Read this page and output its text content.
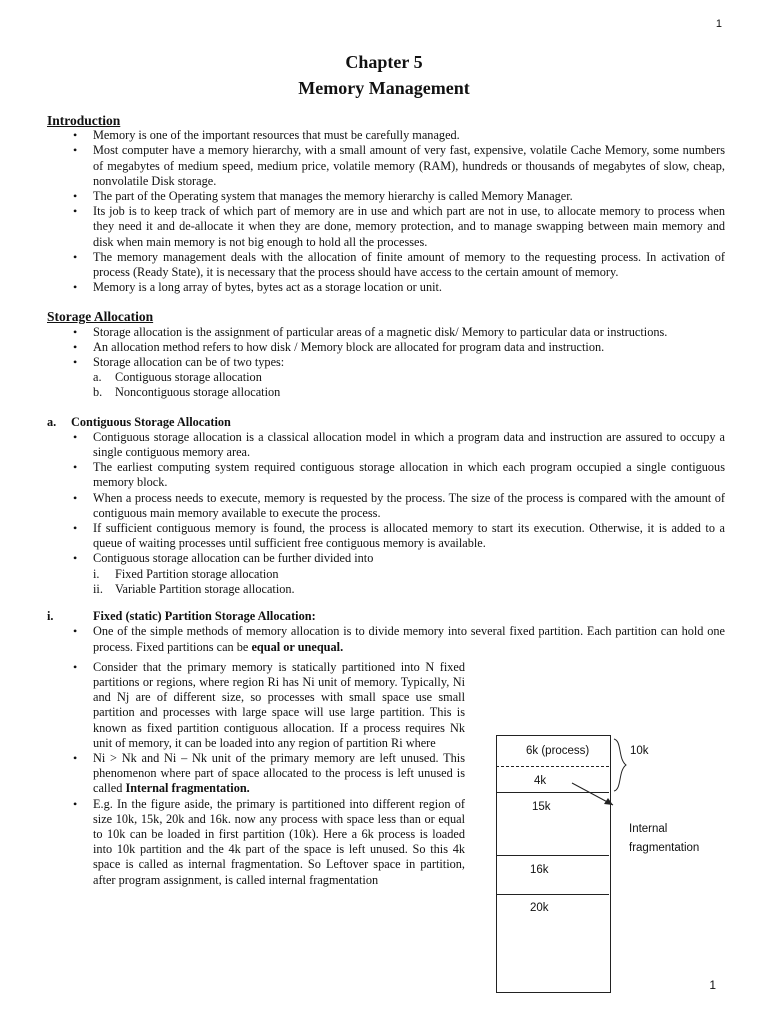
1
Chapter 5
Memory Management
Introduction
• Memory is one of the important resources that must be carefully managed.
• Most computer have a memory hierarchy, with a small amount of very fast, expensive, volatile Cache Memory, some numbers of megabytes of medium speed, medium price, volatile memory (RAM), hundreds or thousands of megabytes of slow, cheap, nonvolatile Disk storage.
• The part of the Operating system that manages the memory hierarchy is called Memory Manager.
• Its job is to keep track of which part of memory are in use and which part are not in use, to allocate memory to process when they need it and de-allocate it when they are done, memory protection, and to manage swapping between main memory and disk when main memory is not big enough to hold all the processes.
• The memory management deals with the allocation of finite amount of memory to the requesting process. In activation of process (Ready State), it is necessary that the process should have access to the certain amount of memory.
• Memory is a long array of bytes, bytes act as a storage location or unit.
Storage Allocation
• Storage allocation is the assignment of particular areas of a magnetic disk/ Memory to particular data or instructions.
• An allocation method refers to how disk / Memory block are allocated for program data and instruction.
• Storage allocation can be of two types:
a. Contiguous storage allocation
b. Noncontiguous storage allocation
a. Contiguous Storage Allocation
• Contiguous storage allocation is a classical allocation model in which a program data and instruction are assured to occupy a single contiguous memory area.
• The earliest computing system required contiguous storage allocation in which each program occupied a single contiguous memory block.
• When a process needs to execute, memory is requested by the process. The size of the process is compared with the amount of contiguous main memory available to execute the process.
• If sufficient contiguous memory is found, the process is allocated memory to start its execution. Otherwise, it is added to a queue of waiting processes until sufficient free contiguous memory is available.
• Contiguous storage allocation can be further divided into
i. Fixed Partition storage allocation
ii. Variable Partition storage allocation.
i.	Fixed (static) Partition Storage Allocation:
• One of the simple methods of memory allocation is to divide memory into several fixed partition. Each partition can hold one process. Fixed partitions can be equal or unequal.
• Consider that the primary memory is statically partitioned into N fixed partitions or regions, where region Ri has Ni unit of memory. Typically, Ni and Nj are of different size, so processes with small space use small partition and processes with large space will use large partition. This is known as fixed partition contiguous allocation. If a process requires Nk unit of memory, it can be loaded into any region of partition Ri where
• Ni > Nk and Ni – Nk unit of the primary memory are left unused. This phenomenon where part of space allocated to the process is left unused is called Internal fragmentation.
• E.g. In the figure aside, the primary is partitioned into different region of size 10k, 15k, 20k and 16k. now any process with space less than or equal to 10k can be loaded in first partition (10k). Here a 6k process is loaded into 10k partition and the 4k part of the space is left unused. So this 4k space is called as internal fragmentation. So Leftover space in partition, after program assignment, is called internal fragmentation
6k (process)
4k
15k
16k
20k
10k
Internal
fragmentation
1
